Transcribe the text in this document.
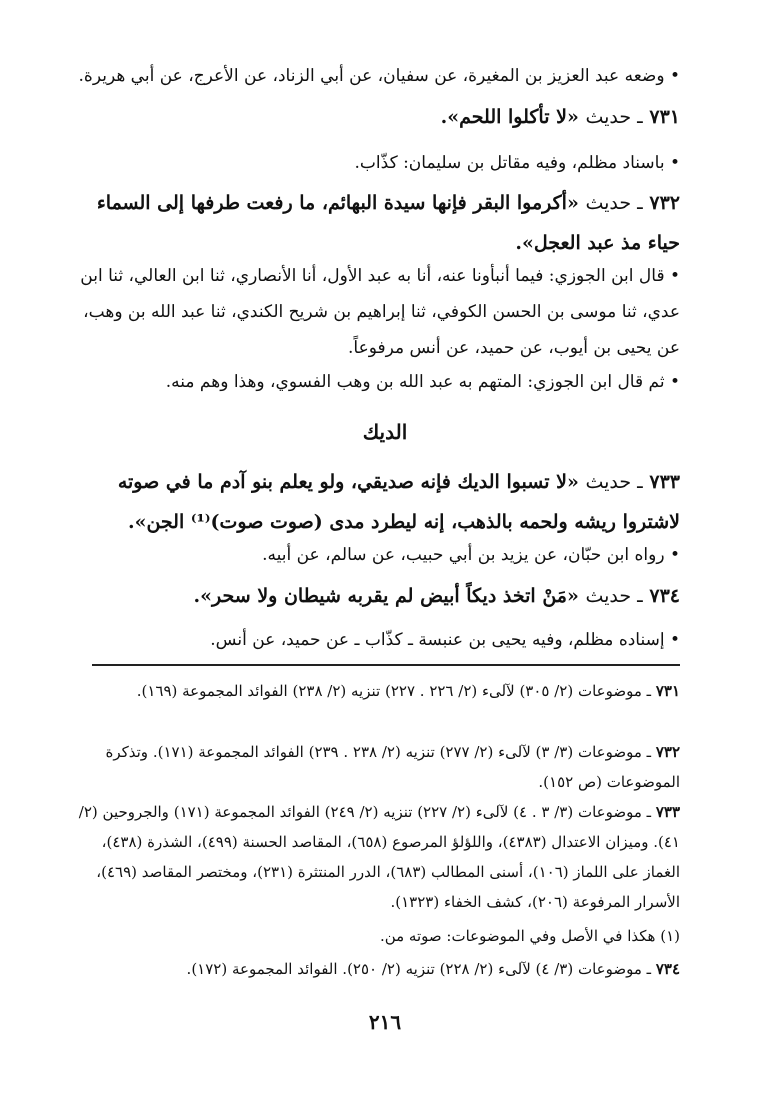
• وضعه عبد العزيز بن المغيرة، عن سفيان، عن أبي الزناد، عن الأعرج، عن أبي هريرة.
٧٣١ ـ حديث «لا تأكلوا اللحم».
• باسناد مظلم، وفيه مقاتل بن سليمان: كذّاب.
٧٣٢ ـ حديث «أكرموا البقر فإنها سيدة البهائم، ما رفعت طرفها إلى السماء حياء مذ عبد العجل».
• قال ابن الجوزي: فيما أنبأونا عنه، أنا به عبد الأول، أنا الأنصاري، ثنا ابن العالي، ثنا ابن عدي، ثنا موسى بن الحسن الكوفي، ثنا إبراهيم بن شريح الكندي، ثنا عبد الله بن وهب، عن يحيى بن أيوب، عن حميد، عن أنس مرفوعاً.
• ثم قال ابن الجوزي: المتهم به عبد الله بن وهب الفسوي، وهذا وهم منه.
الديك
٧٣٣ ـ حديث «لا تسبوا الديك فإنه صديقي، ولو يعلم بنو آدم ما في صوته لاشتروا ريشه ولحمه بالذهب، إنه ليطرد مدى (صوت صوت)⁽¹⁾ الجن».
• رواه ابن حبّان، عن يزيد بن أبي حبيب، عن سالم، عن أبيه.
٧٣٤ ـ حديث «مَنْ اتخذ ديكاً أبيض لم يقربه شيطان ولا سحر».
• إسناده مظلم، وفيه يحيى بن عنبسة ـ كذّاب ـ عن حميد، عن أنس.
٧٣١ ـ موضوعات (٢/ ٣٠٥) لآلىء (٢/ ٢٢٦ . ٢٢٧) تنزيه (٢/ ٢٣٨) الفوائد المجموعة (١٦٩).
٧٣٢ ـ موضوعات (٣/ ٣) لآلىء (٢/ ٢٧٧) تنزيه (٢/ ٢٣٨ . ٢٣٩) الفوائد المجموعة (١٧١). وتذكرة الموضوعات (ص ١٥٢).
٧٣٣ ـ موضوعات (٣/ ٣ . ٤) لآلىء (٢/ ٢٢٧) تنزيه (٢/ ٢٤٩) الفوائد المجموعة (١٧١) والجروحين (٢/ ٤١). وميزان الاعتدال (٤٣٨٣)، واللؤلؤ المرصوع (٦٥٨)، المقاصد الحسنة (٤٩٩)، الشذرة (٤٣٨)، الغماز على اللماز (١٠٦)، أسنى المطالب (٦٨٣)، الدرر المنتثرة (٢٣١)، ومختصر المقاصد (٤٦٩)، الأسرار المرفوعة (٢٠٦)، كشف الخفاء (١٣٢٣).
(١) هكذا في الأصل وفي الموضوعات: صوته من.
٧٣٤ ـ موضوعات (٣/ ٤) لآلىء (٢/ ٢٢٨) تنزيه (٢/ ٢٥٠). الفوائد المجموعة (١٧٢).
٢١٦
